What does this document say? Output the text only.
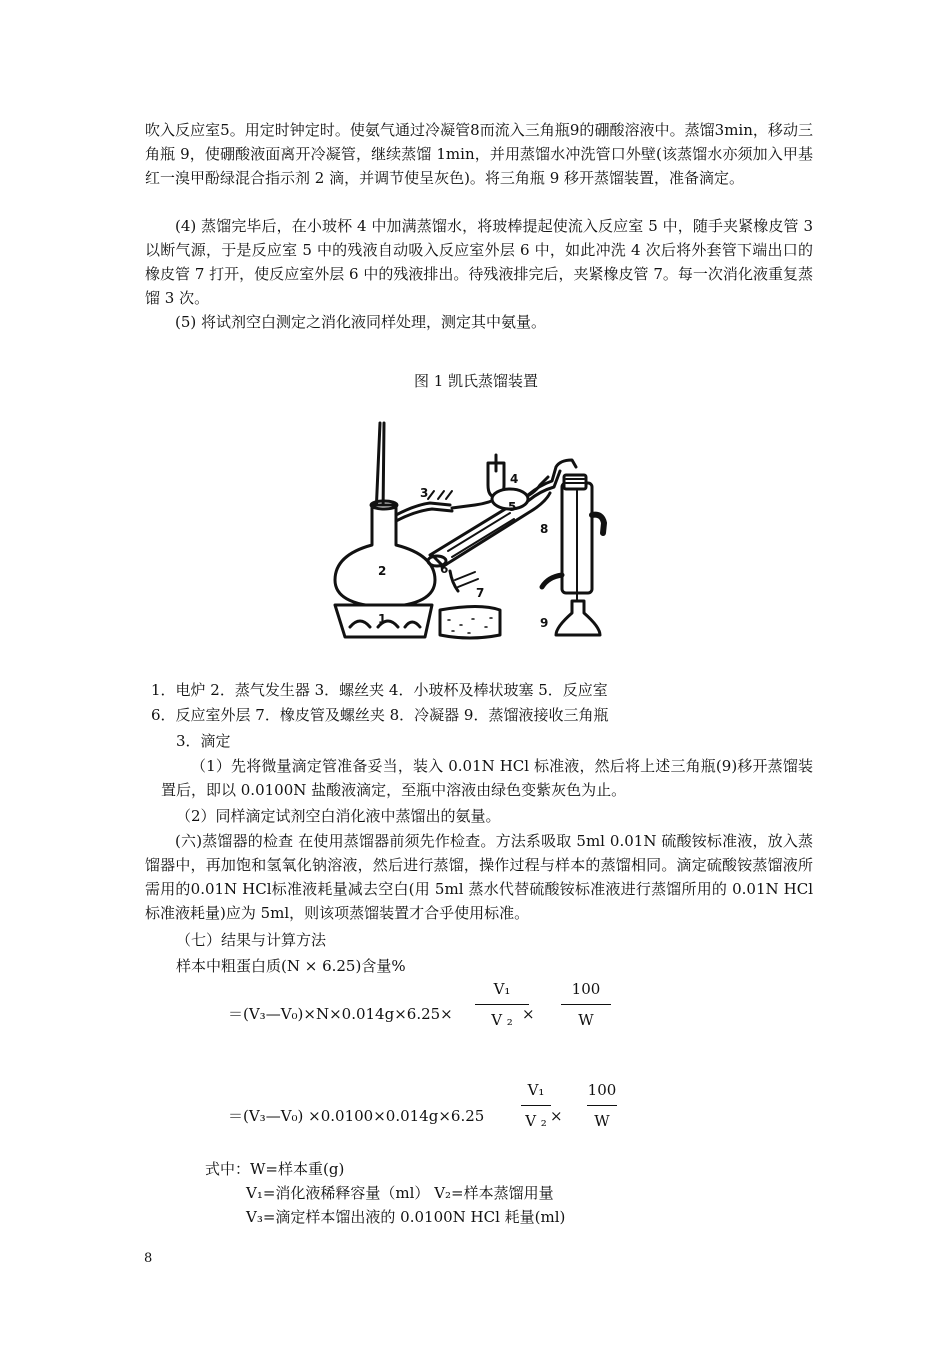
吹入反应室5。用定时钟定时。使氨气通过冷凝管8而流入三角瓶9的硼酸溶液中。蒸馏3min，移动三角瓶 9，使硼酸液面离开冷凝管，继续蒸馏 1min，并用蒸馏水冲洗管口外壁(该蒸馏水亦须加入甲基红一溴甲酚绿混合指示剂 2 滴，并调节使呈灰色)。将三角瓶 9 移开蒸馏装置，准备滴定。

(4) 蒸馏完毕后，在小玻杯 4 中加满蒸馏水，将玻棒提起使流入反应室 5 中，随手夹紧橡皮管 3 以断气源，于是反应室 5 中的残液自动吸入反应室外层 6 中，如此冲洗 4 次后将外套管下端出口的橡皮管 7 打开，使反应室外层 6 中的残液排出。待残液排完后，夹紧橡皮管 7。每一次消化液重复蒸馏 3 次。

(5) 将试剂空白测定之消化液同样处理，测定其中氨量。

图 1 凯氏蒸馏装置
1
2
3
4
5
6
7
8
9
1．电炉 2．蒸气发生器 3．螺丝夹 4．小玻杯及棒状玻塞 5．反应室
6．反应室外层 7．橡皮管及螺丝夹 8．冷凝器 9．蒸馏液接收三角瓶
3．滴定

（1）先将微量滴定管准备妥当，装入 0.01N HCl 标准液，然后将上述三角瓶(9)移开蒸馏装置后，即以 0.0100N 盐酸液滴定，至瓶中溶液由绿色变紫灰色为止。

（2）同样滴定试剂空白消化液中蒸馏出的氨量。

(六)蒸馏器的检查 在使用蒸馏器前须先作检查。方法系吸取 5ml 0.01N 硫酸铵标准液，放入蒸馏器中，再加饱和氢氧化钠溶液，然后进行蒸馏，操作过程与样本的蒸馏相同。滴定硫酸铵蒸馏液所需用的0.01N HCl标准液耗量减去空白(用 5ml 蒸水代替硫酸铵标准液进行蒸馏所用的 0.01N HCl 标准液耗量)应为 5ml，则该项蒸馏装置才合乎使用标准。

（七）结果与计算方法
样本中粗蛋白质(N × 6.25)含量%
＝(V₃—V₀)×N×0.014g×6.25×
V₁
V ₂ ×
100
W
＝(V₃—V₀) ×0.0100×0.014g×6.25
V₁
V ₂ ×
100
W
式中：W=样本重(g)
V₁=消化液稀释容量（ml） V₂=样本蒸馏用量
V₃=滴定样本馏出液的 0.0100N HCl 耗量(ml)
8
